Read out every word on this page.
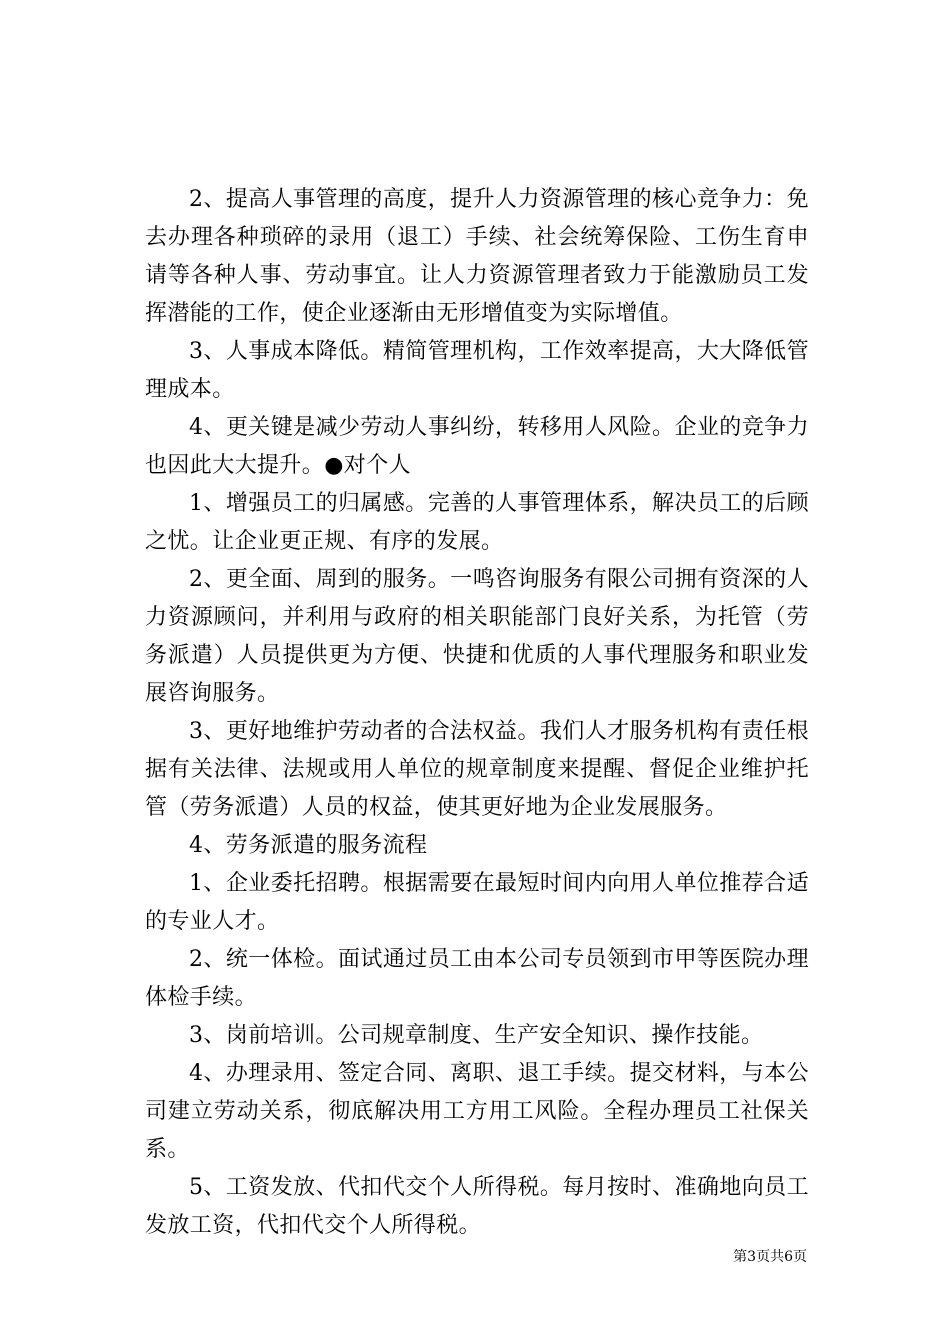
2、提高人事管理的高度，提升人力资源管理的核心竞争力：免去办理各种琐碎的录用（退工）手续、社会统筹保险、工伤生育申请等各种人事、劳动事宜。让人力资源管理者致力于能激励员工发挥潜能的工作，使企业逐渐由无形增值变为实际增值。

3、人事成本降低。精简管理机构，工作效率提高，大大降低管理成本。

4、更关键是减少劳动人事纠纷，转移用人风险。企业的竞争力也因此大大提升。●对个人

1、增强员工的归属感。完善的人事管理体系，解决员工的后顾之忧。让企业更正规、有序的发展。

2、更全面、周到的服务。一鸣咨询服务有限公司拥有资深的人力资源顾问，并利用与政府的相关职能部门良好关系，为托管（劳务派遣）人员提供更为方便、快捷和优质的人事代理服务和职业发展咨询服务。

3、更好地维护劳动者的合法权益。我们人才服务机构有责任根据有关法律、法规或用人单位的规章制度来提醒、督促企业维护托管（劳务派遣）人员的权益，使其更好地为企业发展服务。

4、劳务派遣的服务流程

1、企业委托招聘。根据需要在最短时间内向用人单位推荐合适的专业人才。

2、统一体检。面试通过员工由本公司专员领到市甲等医院办理体检手续。

3、岗前培训。公司规章制度、生产安全知识、操作技能。

4、办理录用、签定合同、离职、退工手续。提交材料，与本公司建立劳动关系，彻底解决用工方用工风险。全程办理员工社保关系。

5、工资发放、代扣代交个人所得税。每月按时、准确地向员工发放工资，代扣代交个人所得税。

第3页共6页
